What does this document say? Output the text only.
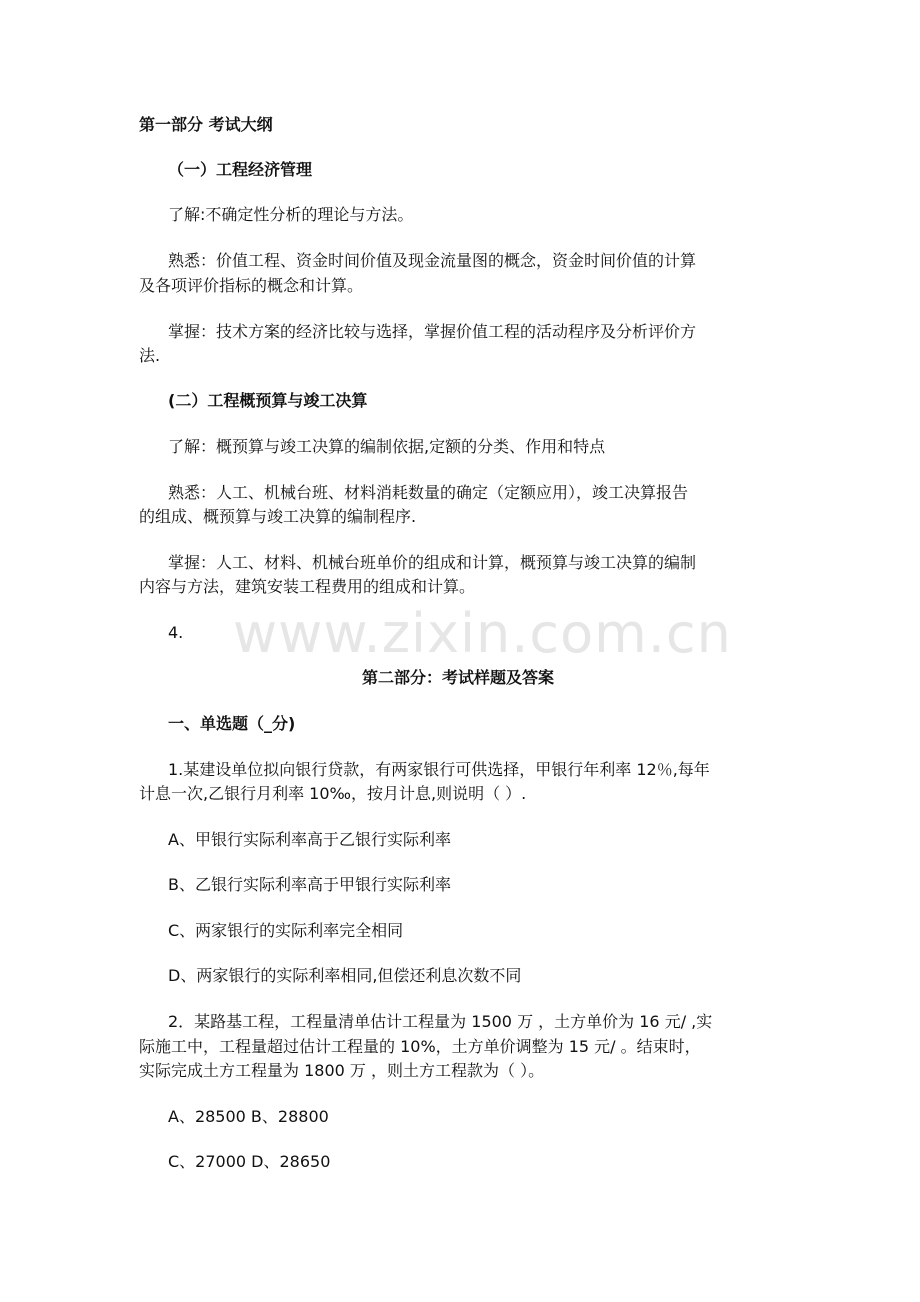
www.zixin.com.cn
第一部分 考试大纲
（一）工程经济管理
了解:不确定性分析的理论与方法。
熟悉：价值工程、资金时间价值及现金流量图的概念，资金时间价值的计算
及各项评价指标的概念和计算。
掌握：技术方案的经济比较与选择，掌握价值工程的活动程序及分析评价方
法.
(二）工程概预算与竣工决算
了解：概预算与竣工决算的编制依据,定额的分类、作用和特点
熟悉：人工、机械台班、材料消耗数量的确定（定额应用），竣工决算报告
的组成、概预算与竣工决算的编制程序.
掌握：人工、材料、机械台班单价的组成和计算，概预算与竣工决算的编制
内容与方法，建筑安装工程费用的组成和计算。
4.
第二部分：考试样题及答案
一、单选题（_分)
1.某建设单位拟向银行贷款，有两家银行可供选择，甲银行年利率 12％,每年
计息一次,乙银行月利率 10‰，按月计息,则说明（ ）.
A、甲银行实际利率高于乙银行实际利率
B、乙银行实际利率高于甲银行实际利率
C、两家银行的实际利率完全相同
D、两家银行的实际利率相同,但偿还利息次数不同
2．某路基工程，工程量清单估计工程量为 1500 万 ，土方单价为 16 元/ ,实
际施工中，工程量超过估计工程量的 10%，土方单价调整为 15 元/ 。结束时，
实际完成土方工程量为 1800 万 ，则土方工程款为（ ）。
A、28500 B、28800
C、27000 D、28650
